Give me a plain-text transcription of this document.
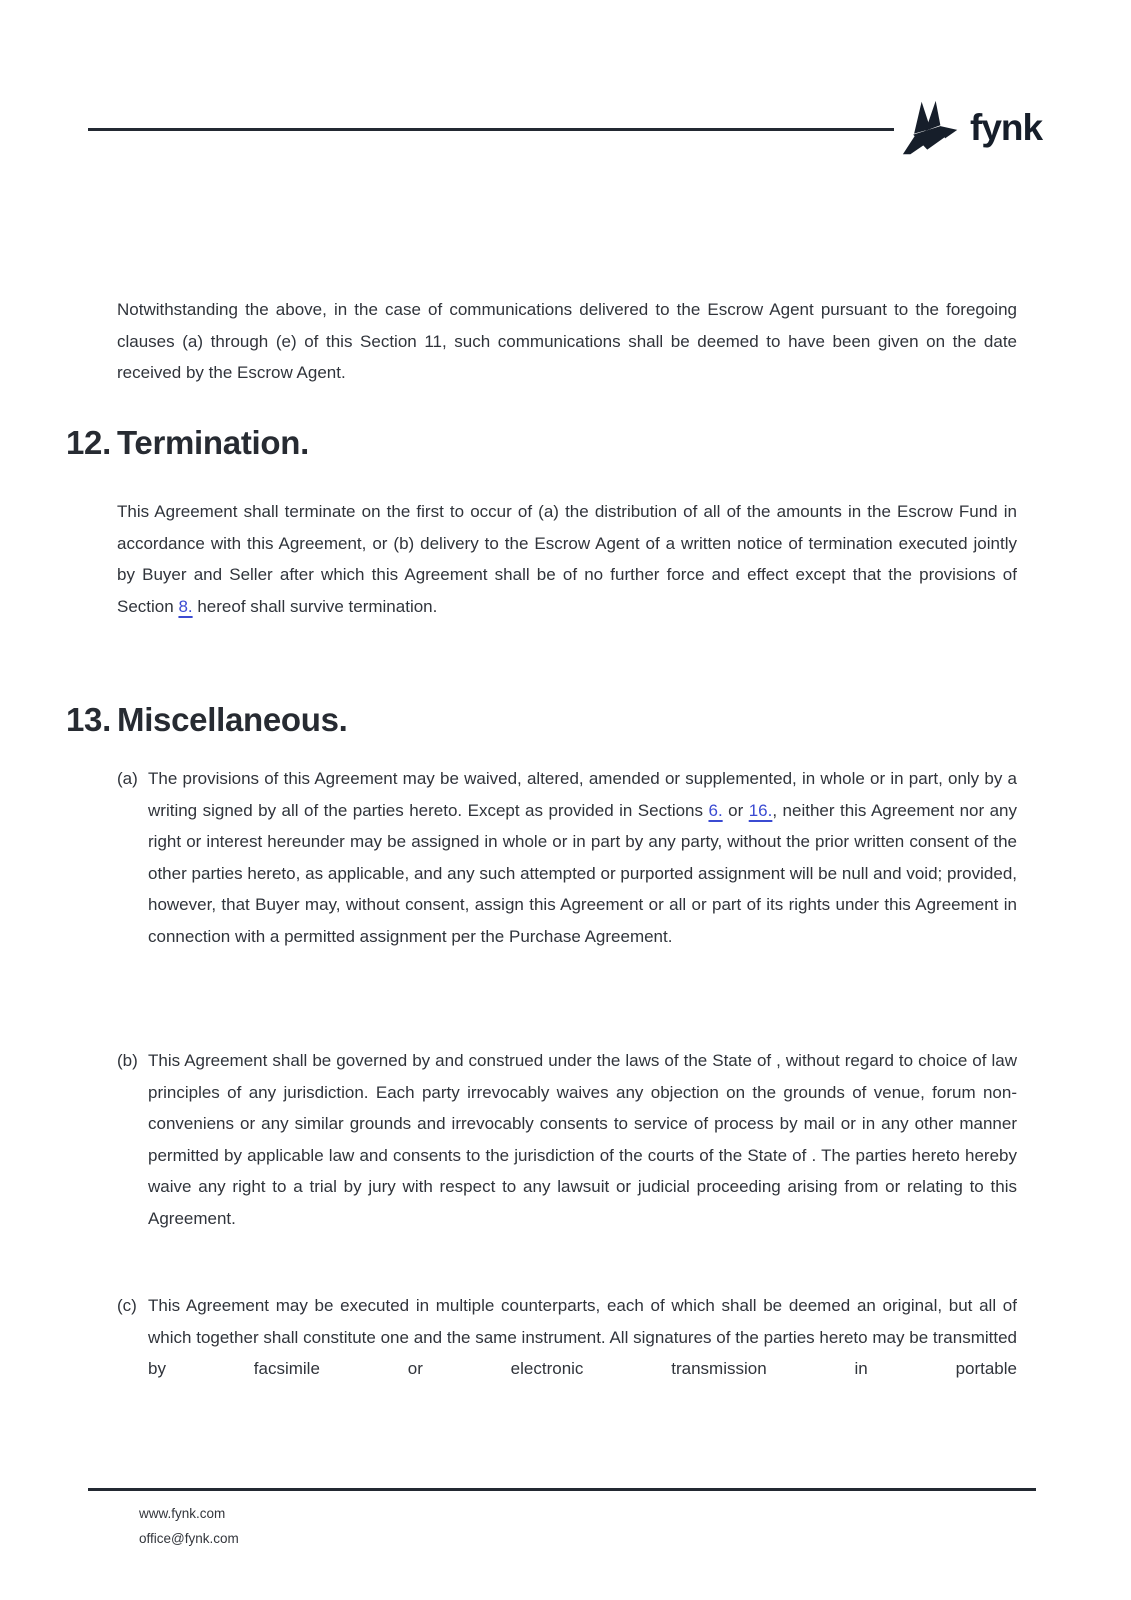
fynk

Notwithstanding the above, in the case of communications delivered to the Escrow Agent pursuant to the foregoing clauses (a) through (e) of this Section 11, such communications shall be deemed to have been given on the date received by the Escrow Agent.

12. Termination.

This Agreement shall terminate on the first to occur of (a) the distribution of all of the amounts in the Escrow Fund in accordance with this Agreement, or (b) delivery to the Escrow Agent of a written notice of termination executed jointly by Buyer and Seller after which this Agreement shall be of no further force and effect except that the provisions of Section 8. hereof shall survive termination.

13. Miscellaneous.

(a) The provisions of this Agreement may be waived, altered, amended or supplemented, in whole or in part, only by a writing signed by all of the parties hereto. Except as provided in Sections 6. or 16., neither this Agreement nor any right or interest hereunder may be assigned in whole or in part by any party, without the prior written consent of the other parties hereto, as applicable, and any such attempted or purported assignment will be null and void; provided, however, that Buyer may, without consent, assign this Agreement or all or part of its rights under this Agreement in connection with a permitted assignment per the Purchase Agreement.

(b) This Agreement shall be governed by and construed under the laws of the State of , without regard to choice of law principles of any jurisdiction. Each party irrevocably waives any objection on the grounds of venue, forum non-conveniens or any similar grounds and irrevocably consents to service of process by mail or in any other manner permitted by applicable law and consents to the jurisdiction of the courts of the State of . The parties hereto hereby waive any right to a trial by jury with respect to any lawsuit or judicial proceeding arising from or relating to this Agreement.

(c) This Agreement may be executed in multiple counterparts, each of which shall be deemed an original, but all of which together shall constitute one and the same instrument. All signatures of the parties hereto may be transmitted by facsimile or electronic transmission in portable

www.fynk.com
office@fynk.com
